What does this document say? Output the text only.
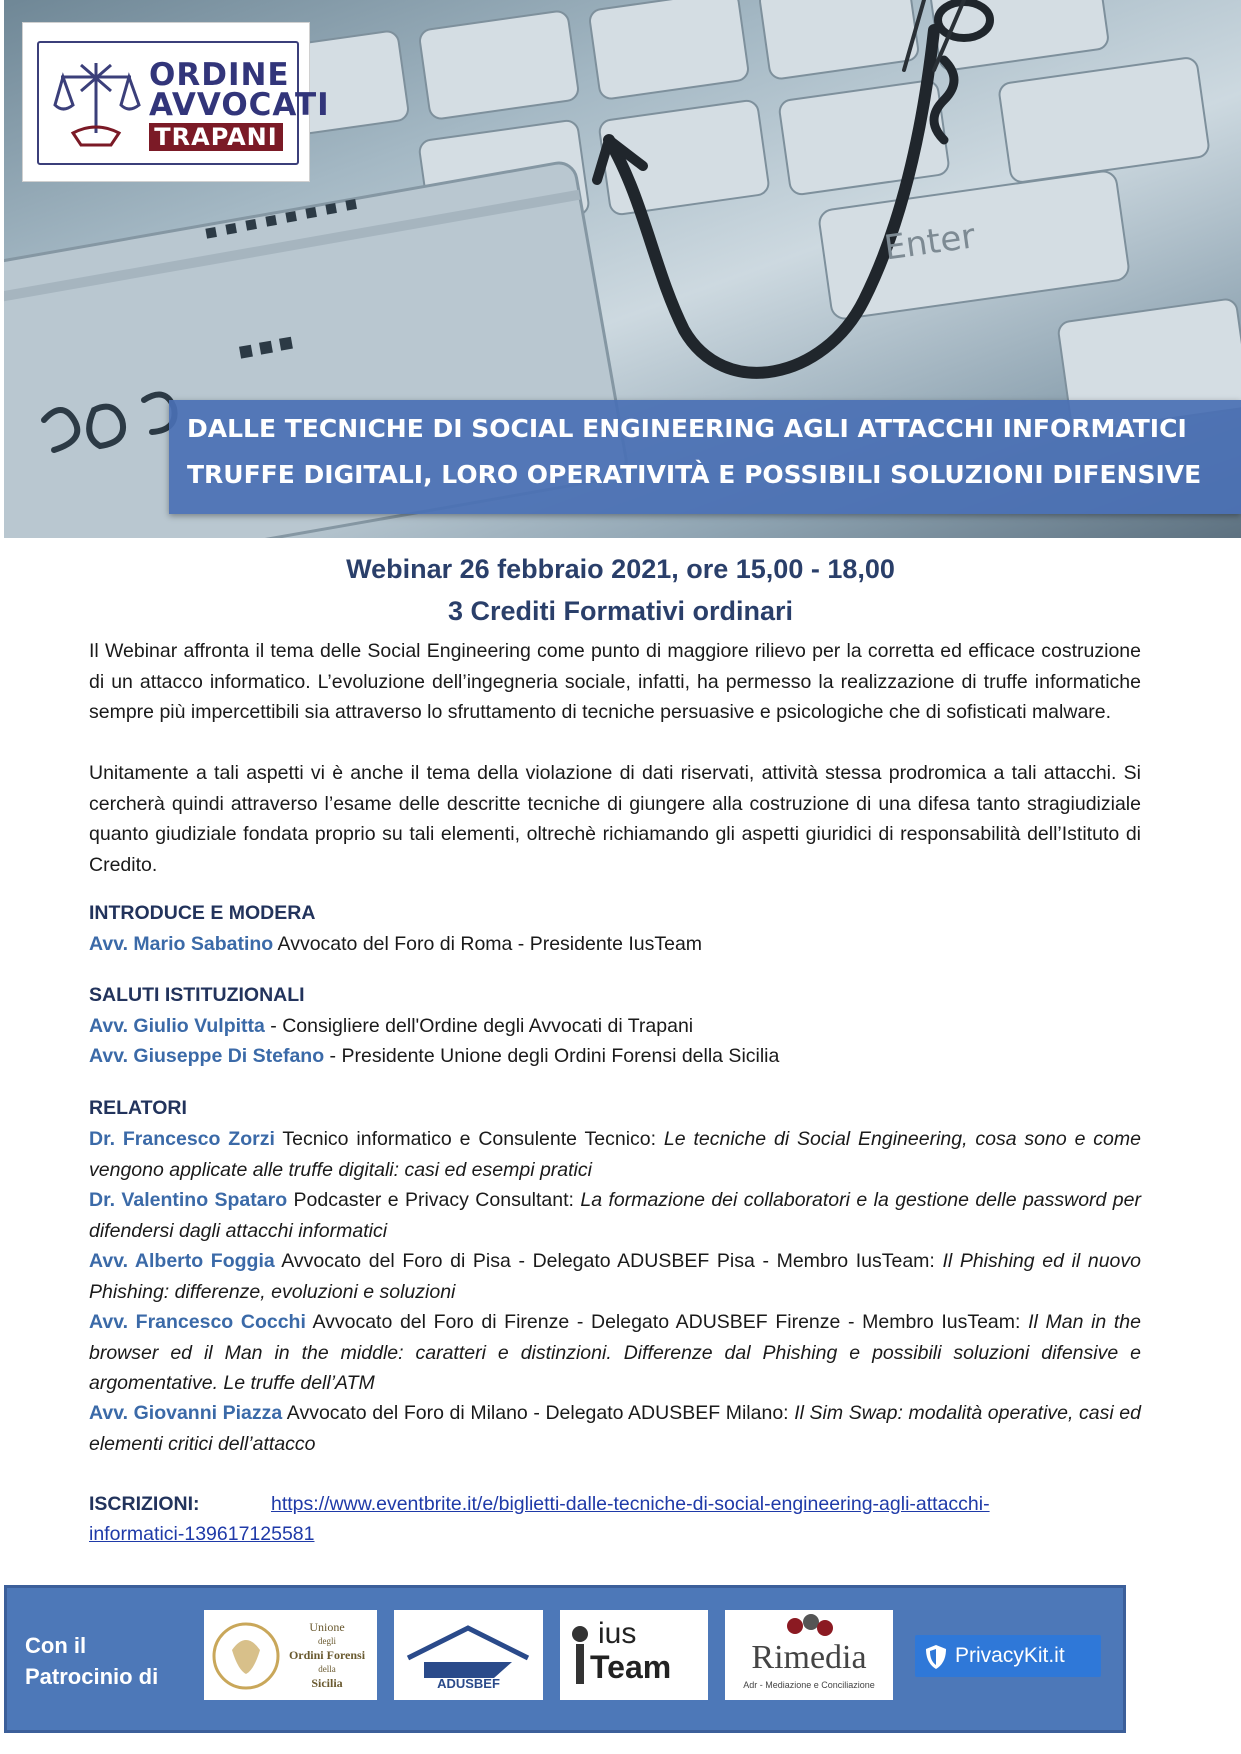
Enter
ORDINE
AVVOCATI
TRAPANI
DALLE TECNICHE DI SOCIAL ENGINEERING AGLI ATTACCHI INFORMATICI
TRUFFE DIGITALI, LORO OPERATIVITÀ E POSSIBILI SOLUZIONI DIFENSIVE
Webinar 26 febbraio 2021, ore 15,00 - 18,00
3 Crediti Formativi ordinari
Il Webinar affronta il tema delle Social Engineering come punto di maggiore rilievo per la corretta ed efficace costruzione di un attacco informatico. L’evoluzione dell’ingegneria sociale, infatti, ha permesso la realizzazione di truffe informatiche sempre più impercettibili sia attraverso lo sfruttamento di tecniche persuasive e psicologiche che di sofisticati malware.
Unitamente a tali aspetti vi è anche il tema della violazione di dati riservati, attività stessa prodromica a tali attacchi. Si cercherà quindi attraverso l’esame delle descritte tecniche di giungere alla costruzione di una difesa tanto stragiudiziale quanto giudiziale fondata proprio su tali elementi, oltrechè richiamando gli aspetti giuridici di responsabilità dell’Istituto di Credito.
INTRODUCE E MODERA
Avv. Mario Sabatino Avvocato del Foro di Roma - Presidente IusTeam
SALUTI ISTITUZIONALI
Avv. Giulio Vulpitta - Consigliere dell'Ordine degli Avvocati di Trapani
Avv. Giuseppe Di Stefano - Presidente Unione degli Ordini Forensi della Sicilia
RELATORI
Dr. Francesco Zorzi Tecnico informatico e Consulente Tecnico: Le tecniche di Social Engineering, cosa sono e come vengono applicate alle truffe digitali: casi ed esempi pratici
Dr. Valentino Spataro Podcaster e Privacy Consultant: La formazione dei collaboratori e la gestione delle password per difendersi dagli attacchi informatici
Avv. Alberto Foggia Avvocato del Foro di Pisa - Delegato ADUSBEF Pisa - Membro IusTeam: Il Phishing ed il nuovo Phishing: differenze, evoluzioni e soluzioni
Avv. Francesco Cocchi Avvocato del Foro di Firenze - Delegato ADUSBEF Firenze - Membro IusTeam: Il Man in the browser ed il Man in the middle: caratteri e distinzioni. Differenze dal Phishing e possibili soluzioni difensive e argomentative. Le truffe dell’ATM
Avv. Giovanni Piazza Avvocato del Foro di Milano - Delegato ADUSBEF Milano: Il Sim Swap: modalità operative, casi ed elementi critici dell’attacco
ISCRIZIONI:	https://www.eventbrite.it/e/biglietti-dalle-tecniche-di-social-engineering-agli-attacchi-
informatici-139617125581
Con il
Patrocinio di
Unione
degli
Ordini Forensi
della
Sicilia	ADUSBEF
ius
Team	Rimedia
Adr - Mediazione e Conciliazione
PrivacyKit.it
